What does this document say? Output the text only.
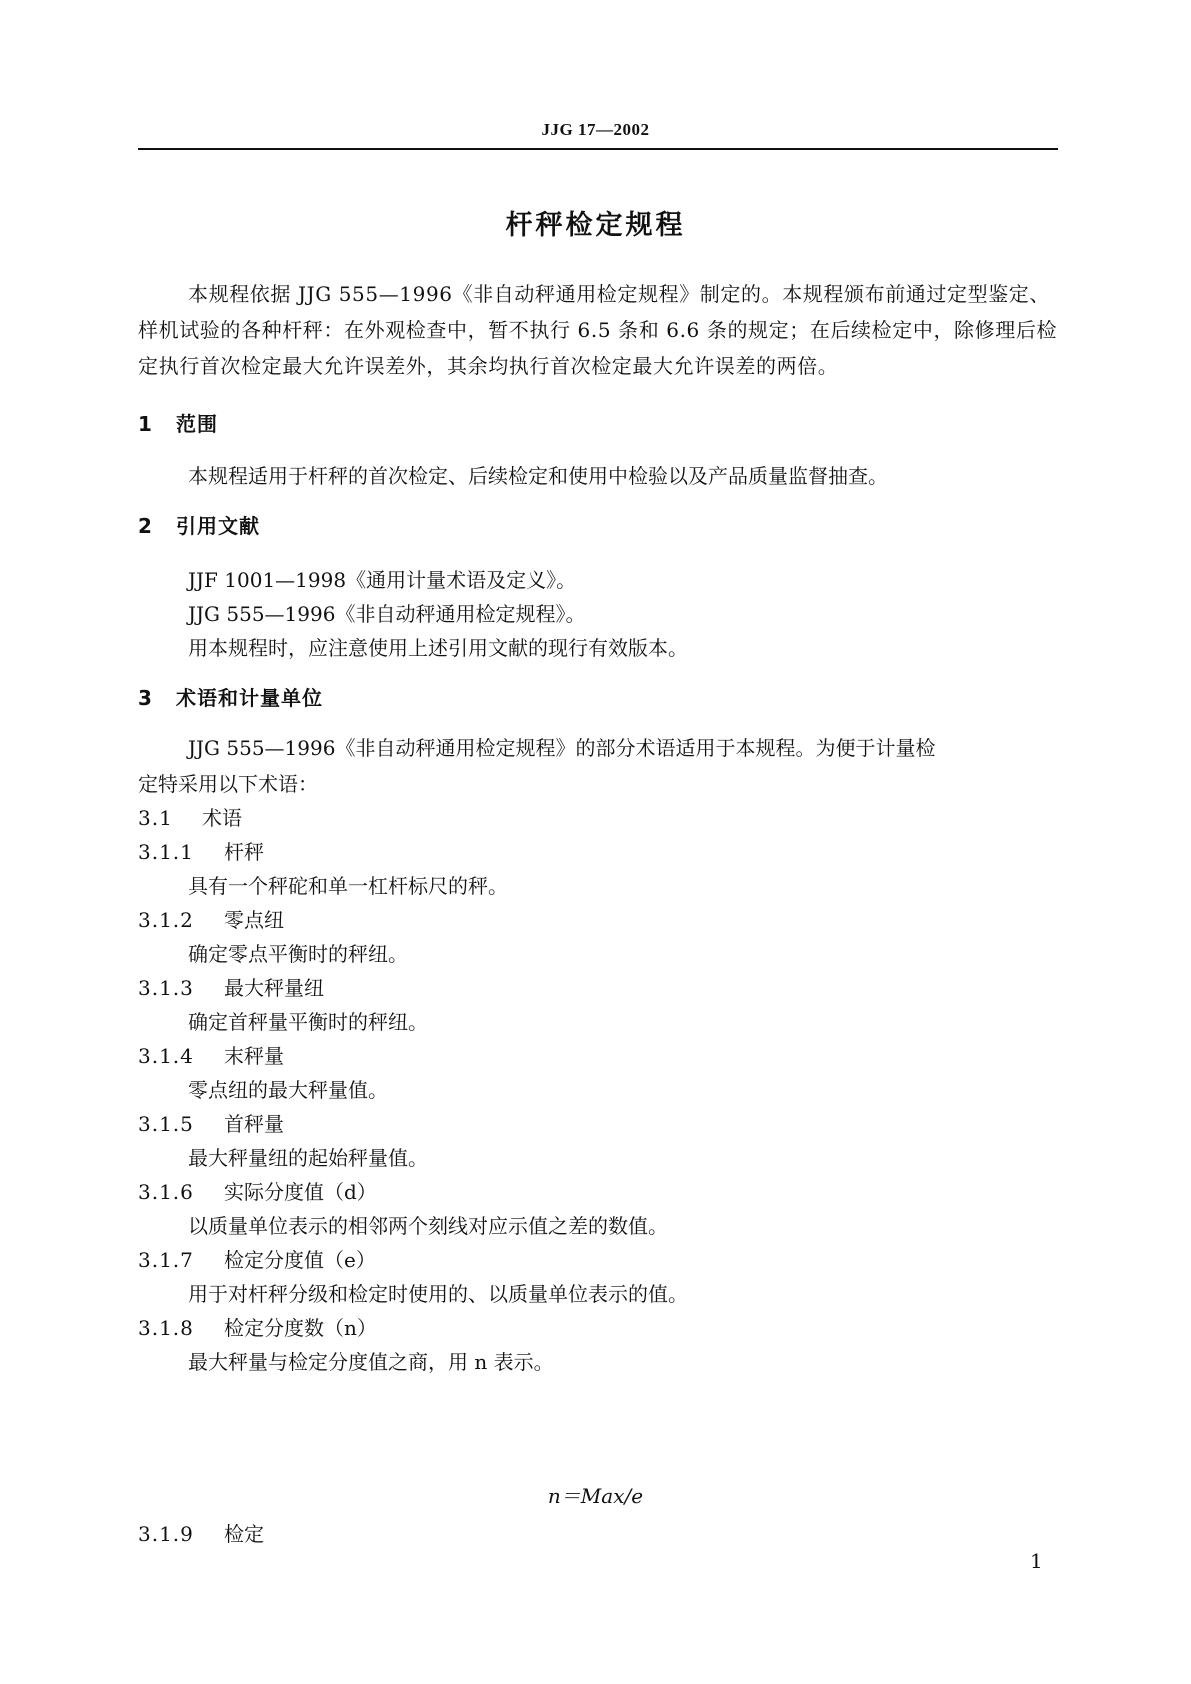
JJG 17—2002
杆秤检定规程
本规程依据 JJG 555—1996《非自动秤通用检定规程》制定的。本规程颁布前通过定型鉴定、样机试验的各种杆秤：在外观检查中，暂不执行 6.5 条和 6.6 条的规定；在后续检定中，除修理后检定执行首次检定最大允许误差外，其余均执行首次检定最大允许误差的两倍。
1 范围
本规程适用于杆秤的首次检定、后续检定和使用中检验以及产品质量监督抽查。
2 引用文献
JJF 1001—1998《通用计量术语及定义》。
JJG 555—1996《非自动秤通用检定规程》。
用本规程时，应注意使用上述引用文献的现行有效版本。
3 术语和计量单位
JJG 555—1996《非自动秤通用检定规程》的部分术语适用于本规程。为便于计量检
定特采用以下术语：
3.1 术语
3.1.1 杆秤
具有一个秤砣和单一杠杆标尺的秤。
3.1.2 零点纽
确定零点平衡时的秤纽。
3.1.3 最大秤量纽
确定首秤量平衡时的秤纽。
3.1.4 末秤量
零点纽的最大秤量值。
3.1.5 首秤量
最大秤量纽的起始秤量值。
3.1.6 实际分度值（d）
以质量单位表示的相邻两个刻线对应示值之差的数值。
3.1.7 检定分度值（e）
用于对杆秤分级和检定时使用的、以质量单位表示的值。
3.1.8 检定分度数（n）
最大秤量与检定分度值之商，用 n 表示。
n＝Max/e
3.1.9 检定
1
